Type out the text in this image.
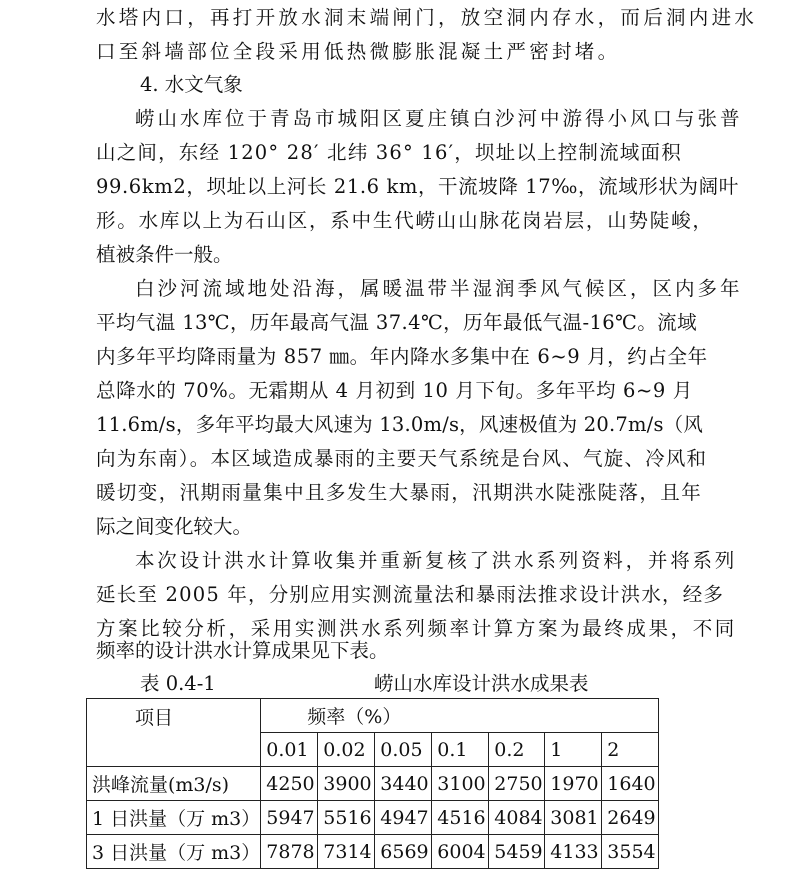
水塔内口，再打开放水洞末端闸门，放空洞内存水，而后洞内进水
口至斜墙部位全段采用低热微膨胀混凝土严密封堵。
4. 水文气象
崂山水库位于青岛市城阳区夏庄镇白沙河中游得小风口与张普
山之间，东经 120° 28′ 北纬 36° 16′，坝址以上控制流域面积
99.6km2，坝址以上河长 21.6 km，干流坡降 17‰，流域形状为阔叶
形。水库以上为石山区，系中生代崂山山脉花岗岩层，山势陡峻，
植被条件一般。
白沙河流域地处沿海，属暖温带半湿润季风气候区，区内多年
平均气温 13℃，历年最高气温 37.4℃，历年最低气温-16℃。流域
内多年平均降雨量为 857 ㎜。年内降水多集中在 6~9 月，约占全年
总降水的 70%。无霜期从 4 月初到 10 月下旬。多年平均 6~9 月
11.6m/s，多年平均最大风速为 13.0m/s，风速极值为 20.7m/s（风
向为东南）。本区域造成暴雨的主要天气系统是台风、气旋、冷风和
暖切变，汛期雨量集中且多发生大暴雨，汛期洪水陡涨陡落，且年
际之间变化较大。
本次设计洪水计算收集并重新复核了洪水系列资料，并将系列
延长至 2005 年，分别应用实测流量法和暴雨法推求设计洪水，经多
方案比较分析，采用实测洪水系列频率计算方案为最终成果，不同
频率的设计洪水计算成果见下表。
表 0.4-1	崂山水库设计洪水成果表
项目	频率（%）						
	0.01	0.02	0.05	0.1	0.2	1	2
洪峰流量(m3/s)	4250	3900	3440	3100	2750	1970	1640
1 日洪量（万 m3）	5947	5516	4947	4516	4084	3081	2649
3 日洪量（万 m3）	7878	7314	6569	6004	5459	4133	3554
